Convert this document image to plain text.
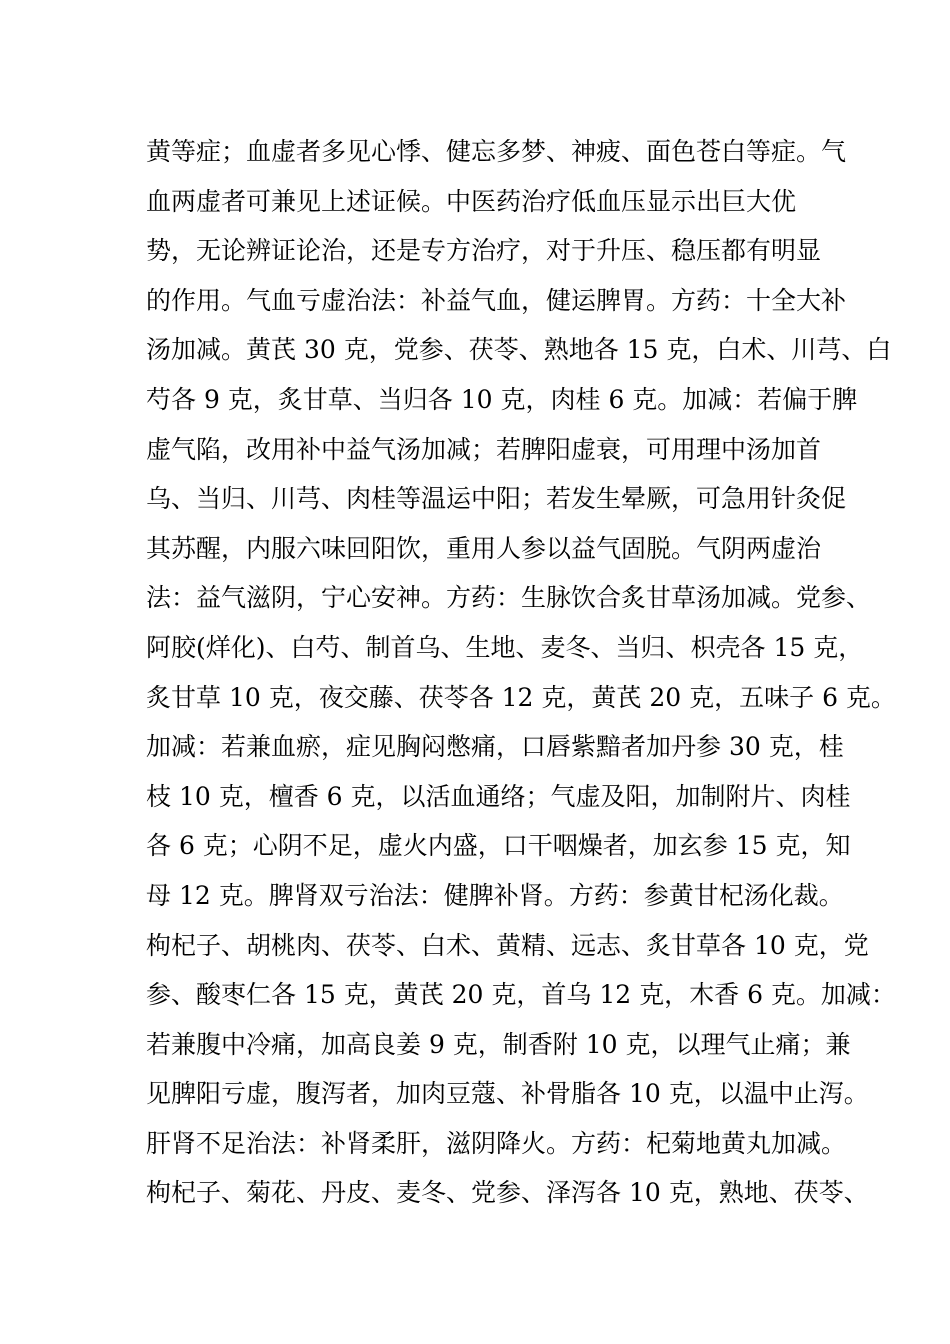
黄等症；血虚者多见心悸、健忘多梦、神疲、面色苍白等症。气
血两虚者可兼见上述证候。中医药治疗低血压显示出巨大优
势，无论辨证论治，还是专方治疗，对于升压、稳压都有明显
的作用。气血亏虚治法：补益气血，健运脾胃。方药：十全大补
汤加减。黄芪 30 克，党参、茯苓、熟地各 15 克，白术、川芎、白
芍各 9 克，炙甘草、当归各 10 克，肉桂 6 克。加减：若偏于脾
虚气陷，改用补中益气汤加减；若脾阳虚衰，可用理中汤加首
乌、当归、川芎、肉桂等温运中阳；若发生晕厥，可急用针灸促
其苏醒，内服六味回阳饮，重用人参以益气固脱。气阴两虚治
法：益气滋阴，宁心安神。方药：生脉饮合炙甘草汤加减。党参、
阿胶(烊化)、白芍、制首乌、生地、麦冬、当归、枳壳各 15 克，
炙甘草 10 克，夜交藤、茯苓各 12 克，黄芪 20 克，五味子 6 克。
加减：若兼血瘀，症见胸闷憋痛，口唇紫黯者加丹参 30 克，桂
枝 10 克，檀香 6 克，以活血通络；气虚及阳，加制附片、肉桂
各 6 克；心阴不足，虚火内盛，口干咽燥者，加玄参 15 克，知
母 12 克。脾肾双亏治法：健脾补肾。方药：参黄甘杞汤化裁。
枸杞子、胡桃肉、茯苓、白术、黄精、远志、炙甘草各 10 克，党
参、酸枣仁各 15 克，黄芪 20 克，首乌 12 克，木香 6 克。加减：
若兼腹中冷痛，加高良姜 9 克，制香附 10 克，以理气止痛；兼
见脾阳亏虚，腹泻者，加肉豆蔻、补骨脂各 10 克，以温中止泻。
肝肾不足治法：补肾柔肝，滋阴降火。方药：杞菊地黄丸加减。
枸杞子、菊花、丹皮、麦冬、党参、泽泻各 10 克，熟地、茯苓、
